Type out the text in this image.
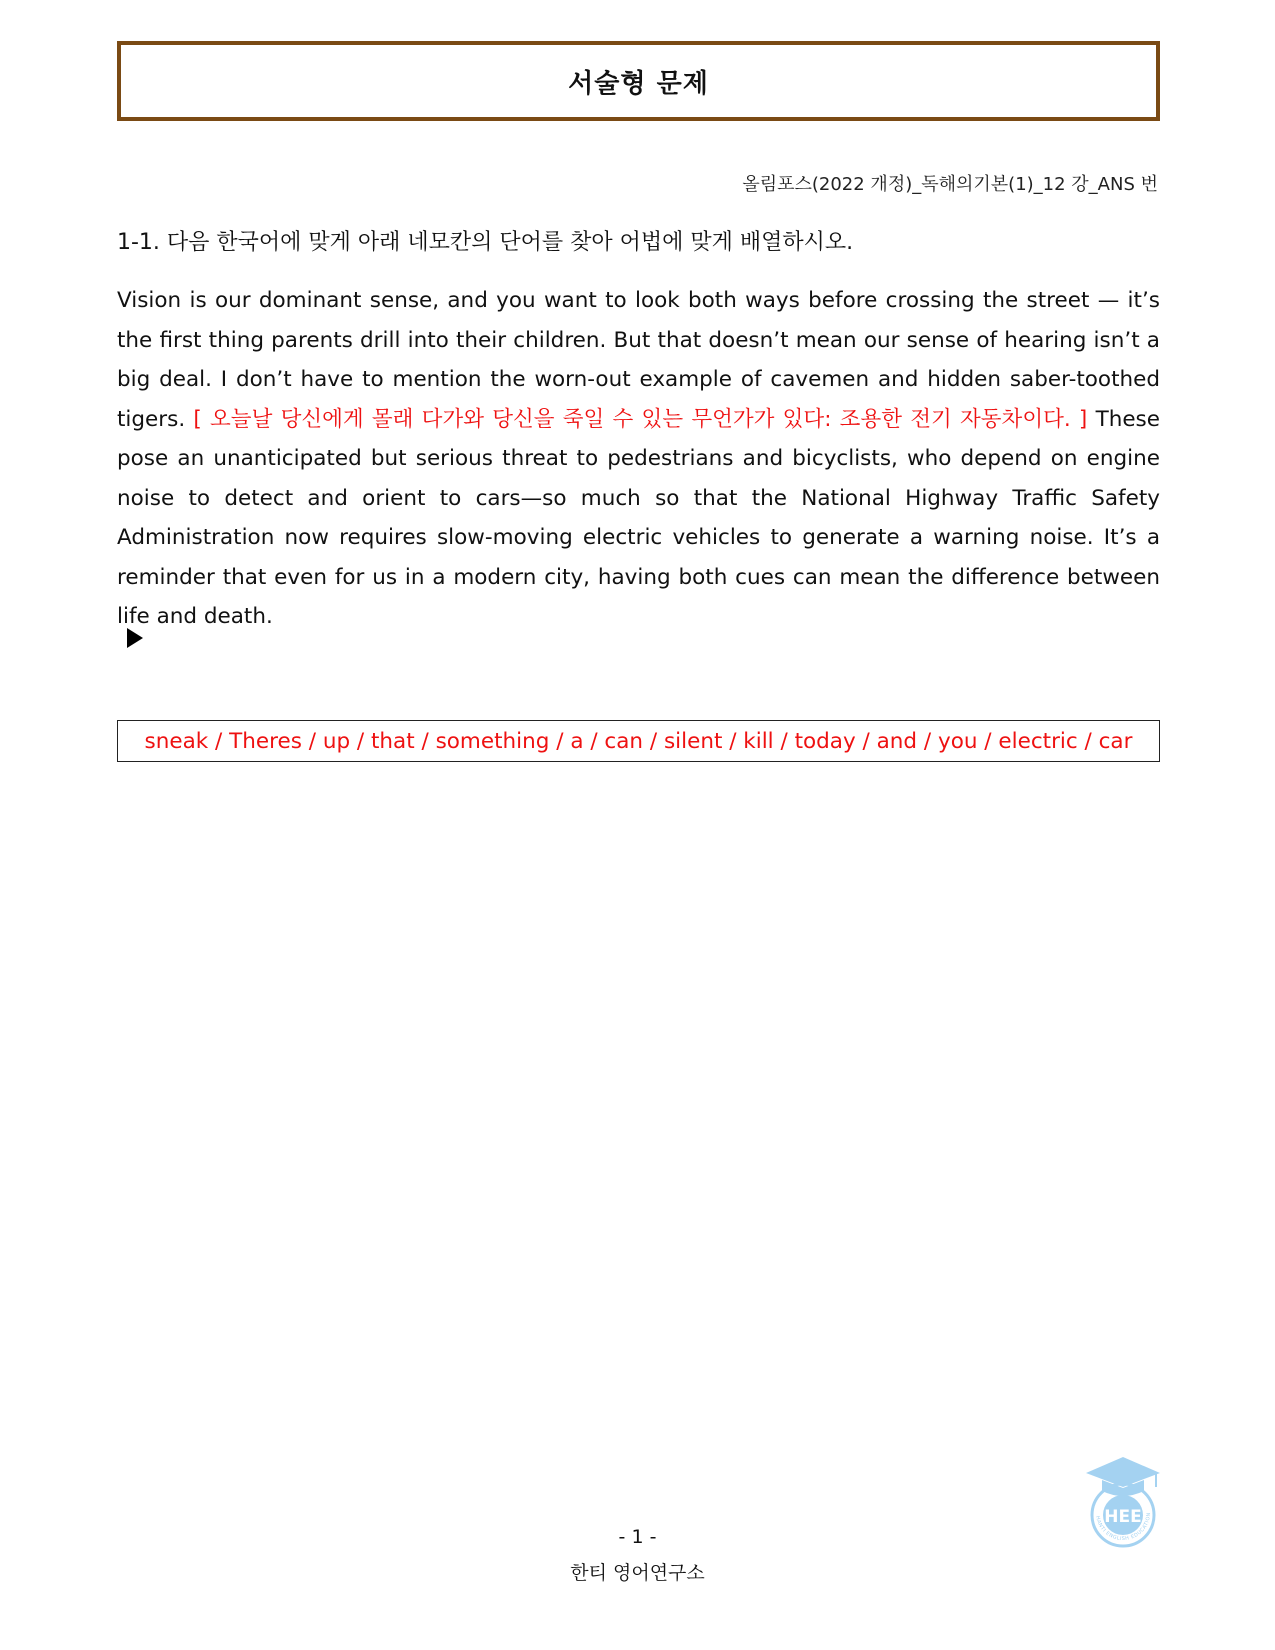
서술형 문제
올림포스(2022 개정)_독해의기본(1)_12 강_ANS 번
1-1. 다음 한국어에 맞게 아래 네모칸의 단어를 찾아 어법에 맞게 배열하시오.
Vision is our dominant sense, and you want to look both ways before crossing the street — it’s the first thing parents drill into their children. But that doesn’t mean our sense of hearing isn’t a big deal. I don’t have to mention the worn-out example of cavemen and hidden saber-toothed tigers. [ 오늘날 당신에게 몰래 다가와 당신을 죽일 수 있는 무언가가 있다: 조용한 전기 자동차이다. ] These pose an unanticipated but serious threat to pedestrians and bicyclists, who depend on engine noise to detect and orient to cars—so much so that the National Highway Traffic Safety Administration now requires slow-moving electric vehicles to generate a warning noise. It’s a reminder that even for us in a modern city, having both cues can mean the difference between life and death.
sneak / Theres / up / that / something / a / can / silent / kill / today / and / you / electric / car
- 1 -
한티 영어연구소
HEE
HANTI ENGLISH EDUCATION
